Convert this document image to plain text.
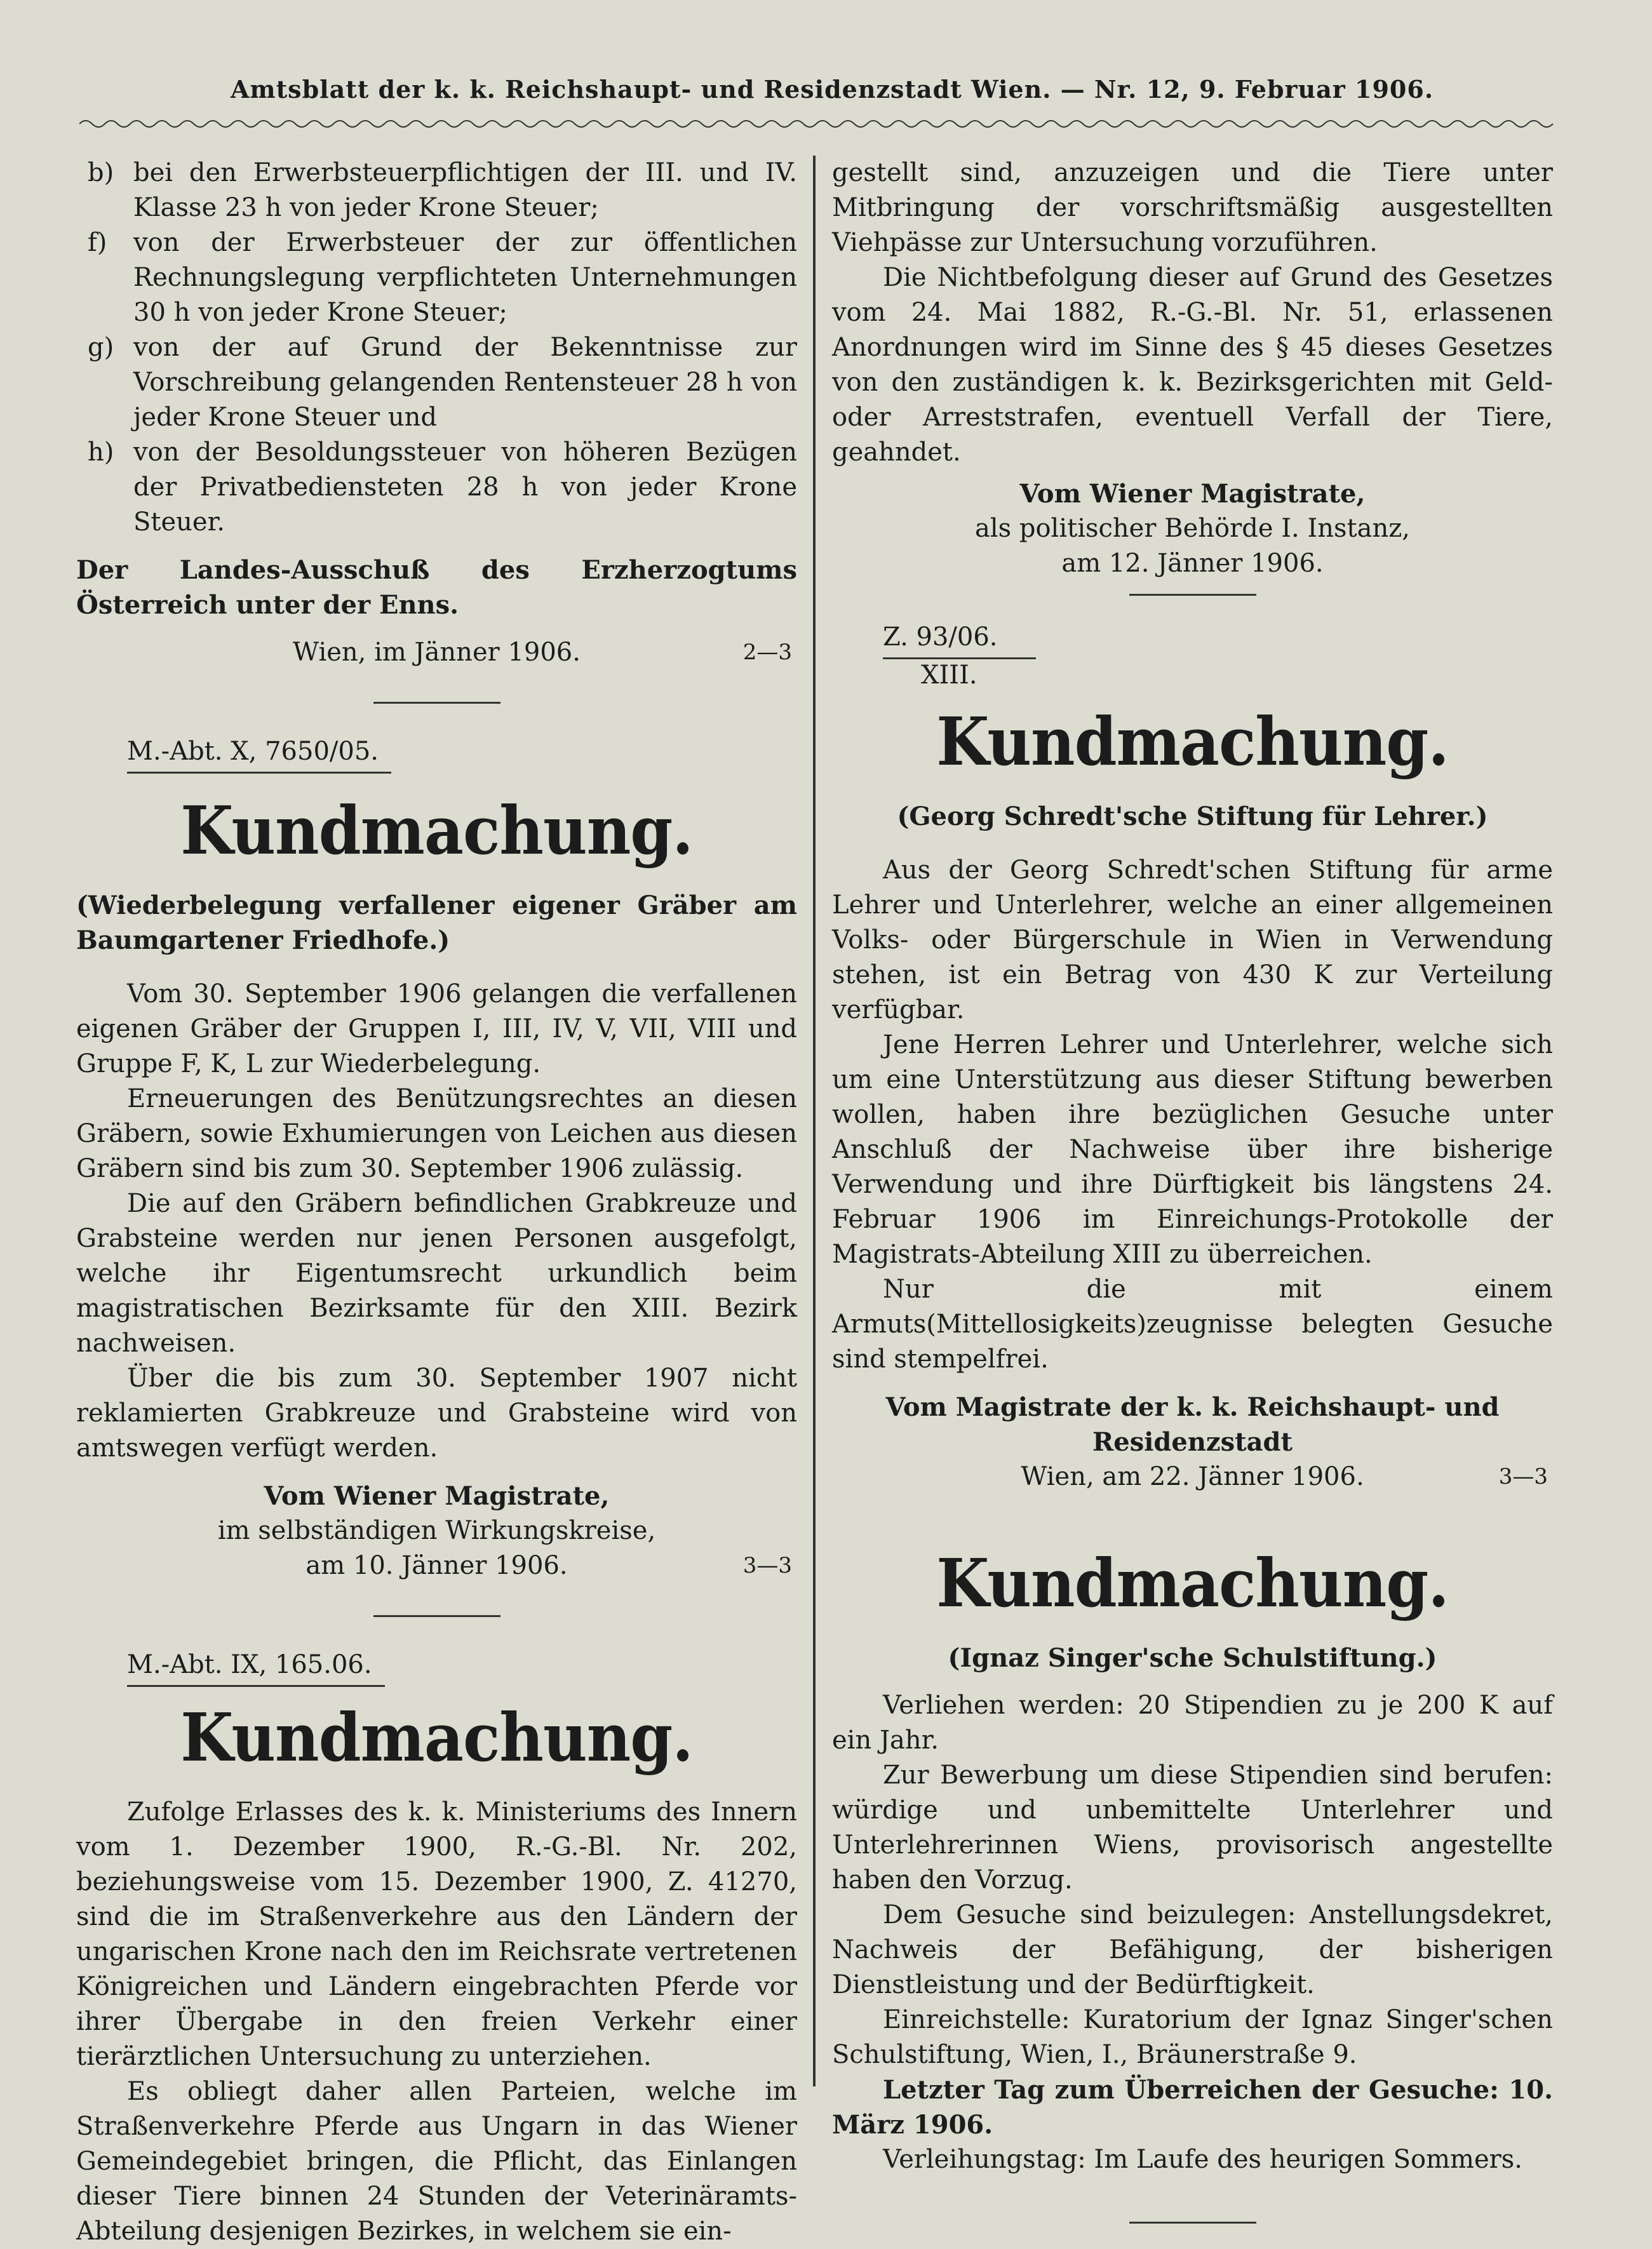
Amtsblatt der k. k. Reichshaupt- und Residenzstadt Wien. — Nr. 12, 9. Februar 1906.
b) bei den Erwerbsteuerpflichtigen der III. und IV. Klasse 23 h von jeder Krone Steuer;
f) von der Erwerbsteuer der zur öffentlichen Rechnungslegung verpflichteten Unternehmungen 30 h von jeder Krone Steuer;
g) von der auf Grund der Bekenntnisse zur Vorschreibung gelangenden Rentensteuer 28 h von jeder Krone Steuer und
h) von der Besoldungssteuer von höheren Bezügen der Privatbediensteten 28 h von jeder Krone Steuer.

Der Landes-Ausschuß des Erzherzogtums Österreich unter der Enns.

Wien, im Jänner 1906.	2—3
M.-Abt. X, 7650/05.
Kundmachung.

(Wiederbelegung verfallener eigener Gräber am Baumgartener Friedhofe.)

Vom 30. September 1906 gelangen die verfallenen eigenen Gräber der Gruppen I, III, IV, V, VII, VIII und Gruppe F, K, L zur Wiederbelegung.

Erneuerungen des Benützungsrechtes an diesen Gräbern, sowie Exhumierungen von Leichen aus diesen Gräbern sind bis zum 30. September 1906 zulässig.

Die auf den Gräbern befindlichen Grabkreuze und Grabsteine werden nur jenen Personen ausgefolgt, welche ihr Eigentumsrecht urkundlich beim magistratischen Bezirksamte für den XIII. Bezirk nachweisen.

Über die bis zum 30. September 1907 nicht reklamierten Grabkreuze und Grabsteine wird von amtswegen verfügt werden.

Vom Wiener Magistrate,

im selbständigen Wirkungskreise,

am 10. Jänner 1906.	3—3
M.-Abt. IX, 165.06.
Kundmachung.

Zufolge Erlasses des k. k. Ministeriums des Innern vom 1. Dezember 1900, R.-G.-Bl. Nr. 202, beziehungsweise vom 15. Dezember 1900, Z. 41270, sind die im Straßenverkehre aus den Ländern der ungarischen Krone nach den im Reichsrate vertretenen Königreichen und Ländern eingebrachten Pferde vor ihrer Übergabe in den freien Verkehr einer tierärztlichen Untersuchung zu unterziehen.

Es obliegt daher allen Parteien, welche im Straßenverkehre Pferde aus Ungarn in das Wiener Gemeindegebiet bringen, die Pflicht, das Einlangen dieser Tiere binnen 24 Stunden der Veterinäramts-Abteilung desjenigen Bezirkes, in welchem sie ein-

gestellt sind, anzuzeigen und die Tiere unter Mitbringung der vorschriftsmäßig ausgestellten Viehpässe zur Untersuchung vorzuführen.

Die Nichtbefolgung dieser auf Grund des Gesetzes vom 24. Mai 1882, R.-G.-Bl. Nr. 51, erlassenen Anordnungen wird im Sinne des § 45 dieses Gesetzes von den zuständigen k. k. Bezirksgerichten mit Geld- oder Arreststrafen, eventuell Verfall der Tiere, geahndet.

Vom Wiener Magistrate,

als politischer Behörde I. Instanz,

am 12. Jänner 1906.

Z. 93/06.
XIII.
Kundmachung.

(Georg Schredt'sche Stiftung für Lehrer.)

Aus der Georg Schredt'schen Stiftung für arme Lehrer und Unterlehrer, welche an einer allgemeinen Volks- oder Bürgerschule in Wien in Verwendung stehen, ist ein Betrag von 430 K zur Verteilung verfügbar.

Jene Herren Lehrer und Unterlehrer, welche sich um eine Unterstützung aus dieser Stiftung bewerben wollen, haben ihre bezüglichen Gesuche unter Anschluß der Nachweise über ihre bisherige Verwendung und ihre Dürftigkeit bis längstens 24. Februar 1906 im Einreichungs-Protokolle der Magistrats-Abteilung XIII zu überreichen.

Nur die mit einem Armuts(Mittellosigkeits)zeugnisse belegten Gesuche sind stempelfrei.

Vom Magistrate der k. k. Reichshaupt- und Residenzstadt

Wien, am 22. Jänner 1906.	3—3
Kundmachung.

(Ignaz Singer'sche Schulstiftung.)

Verliehen werden: 20 Stipendien zu je 200 K auf ein Jahr.

Zur Bewerbung um diese Stipendien sind berufen: würdige und unbemittelte Unterlehrer und Unterlehrerinnen Wiens, provisorisch angestellte haben den Vorzug.

Dem Gesuche sind beizulegen: Anstellungsdekret, Nachweis der Befähigung, der bisherigen Dienstleistung und der Bedürftigkeit.

Einreichstelle: Kuratorium der Ignaz Singer'schen Schulstiftung, Wien, I., Bräunerstraße 9.

Letzter Tag zum Überreichen der Gesuche: 10. März 1906.

Verleihungstag: Im Laufe des heurigen Sommers.
